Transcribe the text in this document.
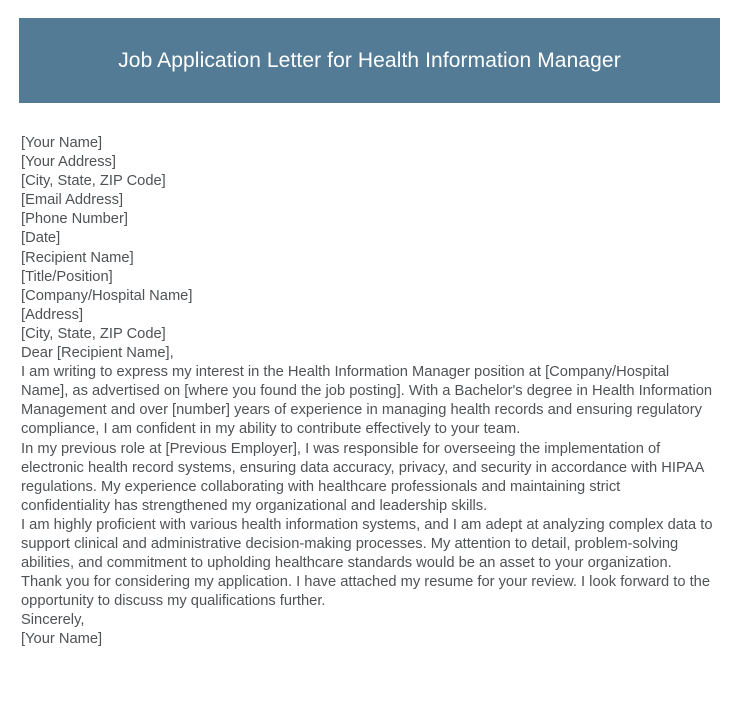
Job Application Letter for Health Information Manager
[Your Name]
[Your Address]
[City, State, ZIP Code]
[Email Address]
[Phone Number]
[Date]
[Recipient Name]
[Title/Position]
[Company/Hospital Name]
[Address]
[City, State, ZIP Code]
Dear [Recipient Name],

I am writing to express my interest in the Health Information Manager position at [Company/Hospital Name], as advertised on [where you found the job posting]. With a Bachelor's degree in Health Information Management and over [number] years of experience in managing health records and ensuring regulatory compliance, I am confident in my ability to contribute effectively to your team.

In my previous role at [Previous Employer], I was responsible for overseeing the implementation of electronic health record systems, ensuring data accuracy, privacy, and security in accordance with HIPAA regulations. My experience collaborating with healthcare professionals and maintaining strict confidentiality has strengthened my organizational and leadership skills.

I am highly proficient with various health information systems, and I am adept at analyzing complex data to support clinical and administrative decision-making processes. My attention to detail, problem-solving abilities, and commitment to upholding healthcare standards would be an asset to your organization.

Thank you for considering my application. I have attached my resume for your review. I look forward to the opportunity to discuss my qualifications further.

Sincerely,
[Your Name]
